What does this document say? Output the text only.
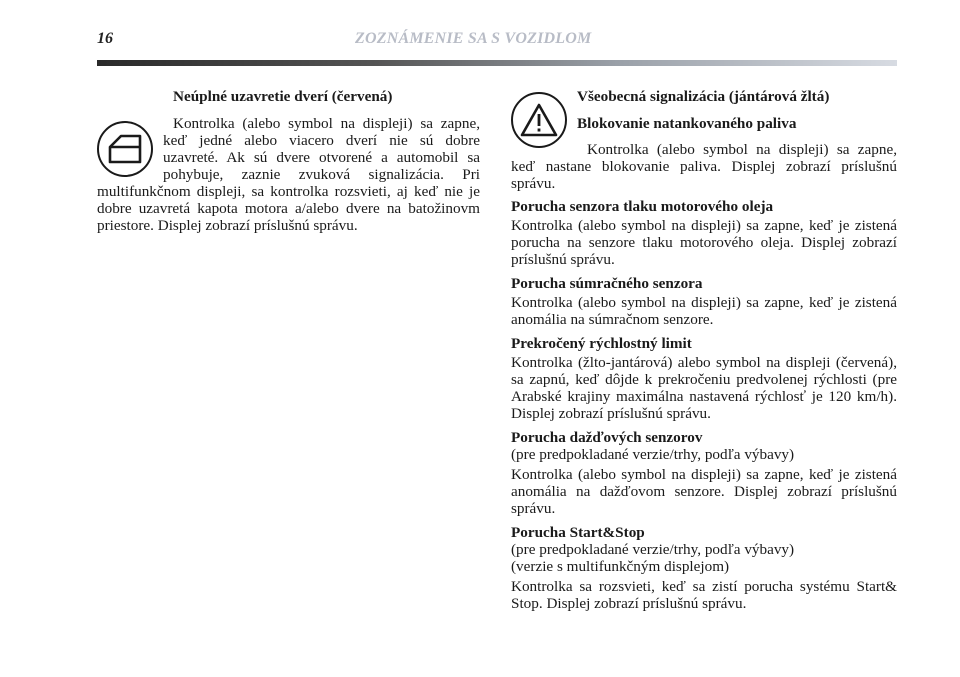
16	ZOZNÁMENIE SA S VOZIDLOM
Neúplné uzavretie dverí (červená)

Kontrolka (alebo symbol na displeji) sa zapne, keď jedné alebo viacero dverí nie sú dobre uzavreté. Ak sú dvere otvorené a automobil sa pohybuje, zaznie zvuková signalizácia. Pri multifunkčnom displeji, sa kontrolka rozsvieti, aj keď nie je dobre uzavretá kapota motora a/alebo dvere na batožinovm priestore. Displej zobrazí príslušnú správu.

Všeobecná signalizácia (jántárová žltá)
Blokovanie natankovaného paliva

Kontrolka (alebo symbol na displeji) sa zapne, keď nastane blokovanie paliva. Displej zobrazí príslušnú správu.

Porucha senzora tlaku motorového oleja

Kontrolka (alebo symbol na displeji) sa zapne, keď je zistená porucha na senzore tlaku motorového oleja. Displej zobrazí príslušnú správu.

Porucha súmračného senzora

Kontrolka (alebo symbol na displeji) sa zapne, keď je zistená anomália na súmračnom senzore.

Prekročený rýchlostný limit

Kontrolka (žlto-jantárová) alebo symbol na displeji (červená), sa zapnú, keď dôjde k prekročeniu predvolenej rýchlosti (pre Arabské krajiny maximálna nastavená rýchlosť je 120 km/h). Displej zobrazí príslušnú správu.

Porucha dažďových senzorov

(pre predpokladané verzie/trhy, podľa výbavy)

Kontrolka (alebo symbol na displeji) sa zapne, keď je zistená anomália na dažďovom senzore. Displej zobrazí príslušnú správu.

Porucha Start&Stop

(pre predpokladané verzie/trhy, podľa výbavy)

(verzie s multifunkčným displejom)

Kontrolka sa rozsvieti, keď sa zistí porucha systému Start& Stop. Displej zobrazí príslušnú správu.
